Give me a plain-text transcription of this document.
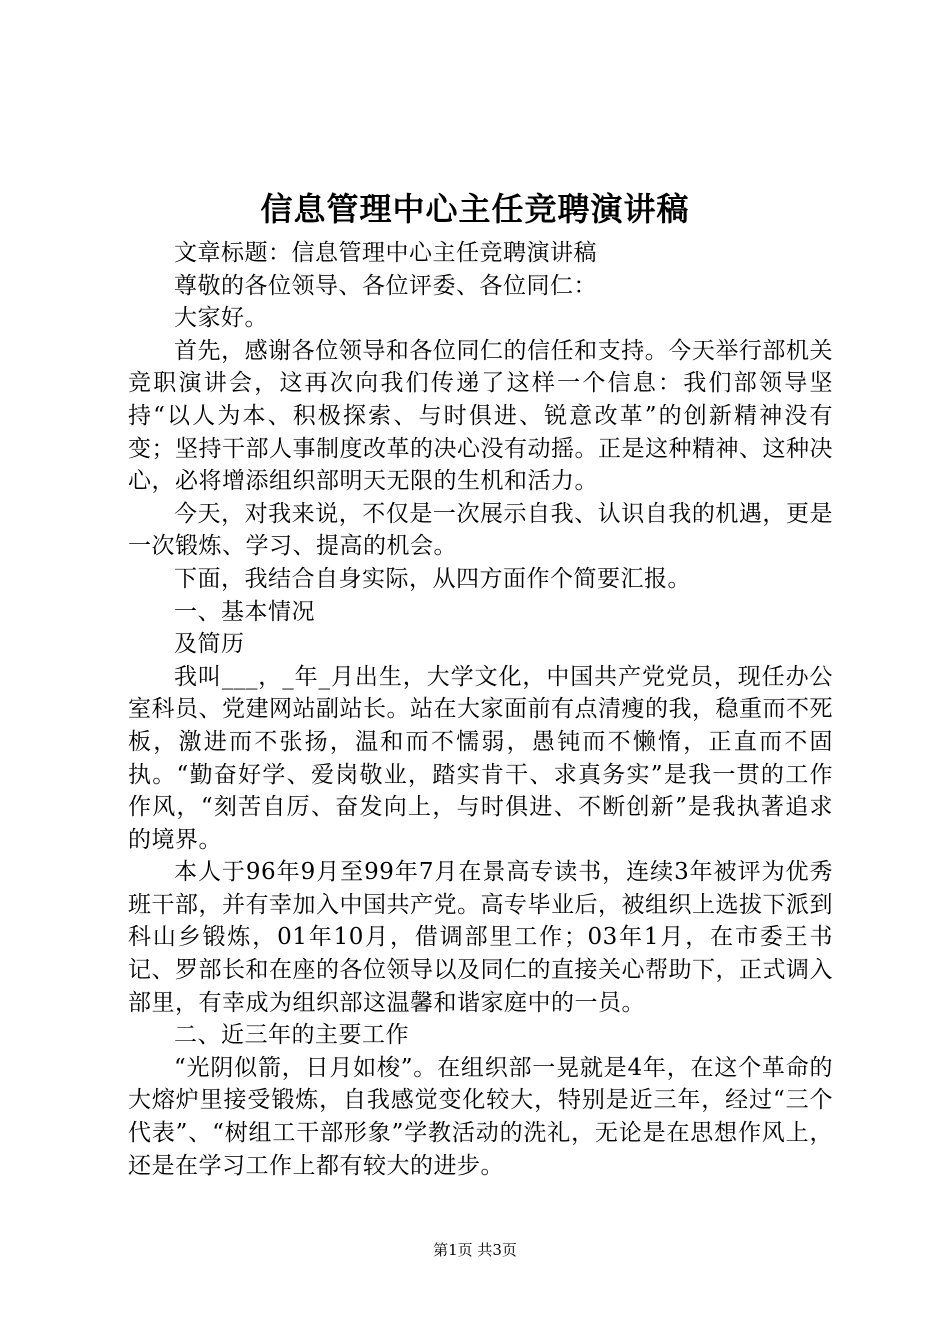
信息管理中心主任竞聘演讲稿

文章标题：信息管理中心主任竞聘演讲稿

尊敬的各位领导、各位评委、各位同仁：

大家好。

首先，感谢各位领导和各位同仁的信任和支持。今天举行部机关竞职演讲会，这再次向我们传递了这样一个信息：我们部领导坚持“以人为本、积极探索、与时俱进、锐意改革”的创新精神没有变；坚持干部人事制度改革的决心没有动摇。正是这种精神、这种决心，必将增添组织部明天无限的生机和活力。

今天，对我来说，不仅是一次展示自我、认识自我的机遇，更是一次锻炼、学习、提高的机会。

下面，我结合自身实际，从四方面作个简要汇报。

一、基本情况

及简历

我叫___，_年_月出生，大学文化，中国共产党党员，现任办公室科员、党建网站副站长。站在大家面前有点清瘦的我，稳重而不死板，激进而不张扬，温和而不懦弱，愚钝而不懒惰，正直而不固执。“勤奋好学、爱岗敬业，踏实肯干、求真务实”是我一贯的工作作风，“刻苦自厉、奋发向上，与时俱进、不断创新”是我执著追求的境界。

本人于96年9月至99年7月在景高专读书，连续3年被评为优秀班干部，并有幸加入中国共产党。高专毕业后，被组织上选拔下派到科山乡锻炼，01年10月，借调部里工作；03年1月，在市委王书记、罗部长和在座的各位领导以及同仁的直接关心帮助下，正式调入部里，有幸成为组织部这温馨和谐家庭中的一员。

二、近三年的主要工作

“光阴似箭，日月如梭”。在组织部一晃就是4年，在这个革命的大熔炉里接受锻炼，自我感觉变化较大，特别是近三年，经过“三个代表”、“树组工干部形象”学教活动的洗礼，无论是在思想作风上，还是在学习工作上都有较大的进步。

第1页 共3页
